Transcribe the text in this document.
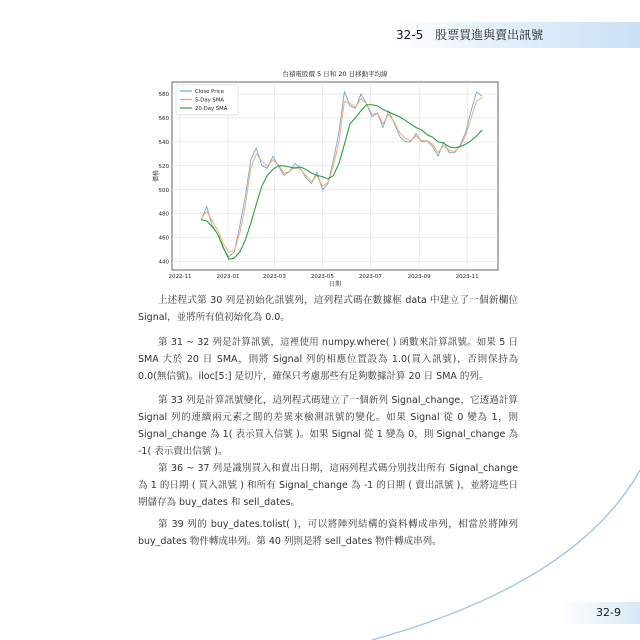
32-5 股票買進與賣出訊號
440
460
480
500
520
540
560
580
2022-11	2023-01	2023-03	2023-05	2023-07	2023-09	2023-11
台積電股價 5 日和 20 日移動平均線
日期
價格
Close Price
5-Day SMA
20-Day SMA

上述程式第 30 列是初始化訊號列，這列程式碼在數據框 data 中建立了一個新欄位 Signal，並將所有值初始化為 0.0。

第 31 ~ 32 列是計算訊號，這裡使用 numpy.where( ) 函數來計算訊號。如果 5 日 SMA 大於 20 日 SMA，則將 Signal 列的相應位置設為 1.0(買入訊號)，否則保持為 0.0(無信號)。iloc[5:] 是切片，確保只考慮那些有足夠數據計算 20 日 SMA 的列。

第 33 列是計算訊號變化，這列程式碼建立了一個新列 Signal_change，它透過計算 Signal 列的連續兩元素之間的差異來檢測訊號的變化。如果 Signal 從 0 變為 1，則 Signal_change 為 1( 表示買入信號 )。如果 Signal 從 1 變為 0，則 Signal_change 為 -1( 表示賣出信號 )。

第 36 ~ 37 列是識別買入和賣出日期，這兩列程式碼分別找出所有 Signal_change 為 1 的日期 ( 買入訊號 ) 和所有 Signal_change 為 -1 的日期 ( 賣出訊號 )，並將這些日期儲存為 buy_dates 和 sell_dates。

第 39 列的 buy_dates.tolist( )，可以將陣列結構的資料轉成串列，相當於將陣列 buy_dates 物件轉成串列。第 40 列則是將 sell_dates 物件轉成串列。

32-9
